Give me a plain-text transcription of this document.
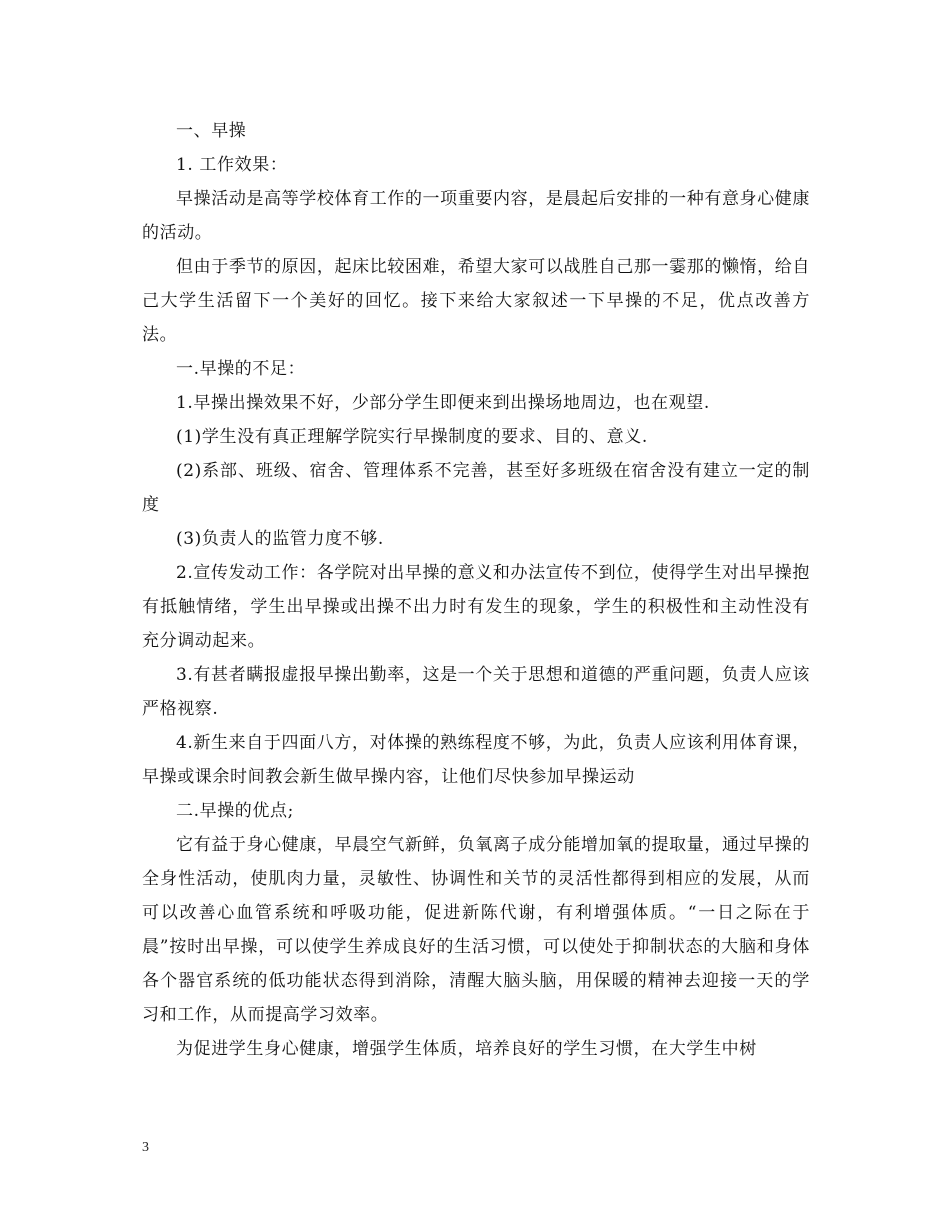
一、早操

1. 工作效果：

早操活动是高等学校体育工作的一项重要内容，是晨起后安排的一种有意身心健康的活动。

但由于季节的原因，起床比较困难，希望大家可以战胜自己那一霎那的懒惰，给自己大学生活留下一个美好的回忆。接下来给大家叙述一下早操的不足，优点改善方法。

一.早操的不足：

1.早操出操效果不好，少部分学生即便来到出操场地周边，也在观望.

(1)学生没有真正理解学院实行早操制度的要求、目的、意义.

(2)系部、班级、宿舍、管理体系不完善，甚至好多班级在宿舍没有建立一定的制度

(3)负责人的监管力度不够.

2.宣传发动工作：各学院对出早操的意义和办法宣传不到位，使得学生对出早操抱有抵触情绪，学生出早操或出操不出力时有发生的现象，学生的积极性和主动性没有充分调动起来。

3.有甚者瞒报虚报早操出勤率，这是一个关于思想和道德的严重问题，负责人应该严格视察.

4.新生来自于四面八方，对体操的熟练程度不够，为此，负责人应该利用体育课，早操或课余时间教会新生做早操内容，让他们尽快参加早操运动

二.早操的优点;

它有益于身心健康，早晨空气新鲜，负氧离子成分能增加氧的提取量，通过早操的全身性活动，使肌肉力量，灵敏性、协调性和关节的灵活性都得到相应的发展，从而可以改善心血管系统和呼吸功能，促进新陈代谢，有利增强体质。“一日之际在于晨”按时出早操，可以使学生养成良好的生活习惯，可以使处于抑制状态的大脑和身体各个器官系统的低功能状态得到消除，清醒大脑头脑，用保暖的精神去迎接一天的学习和工作，从而提高学习效率。

为促进学生身心健康，增强学生体质，培养良好的学生习惯，在大学生中树

3
